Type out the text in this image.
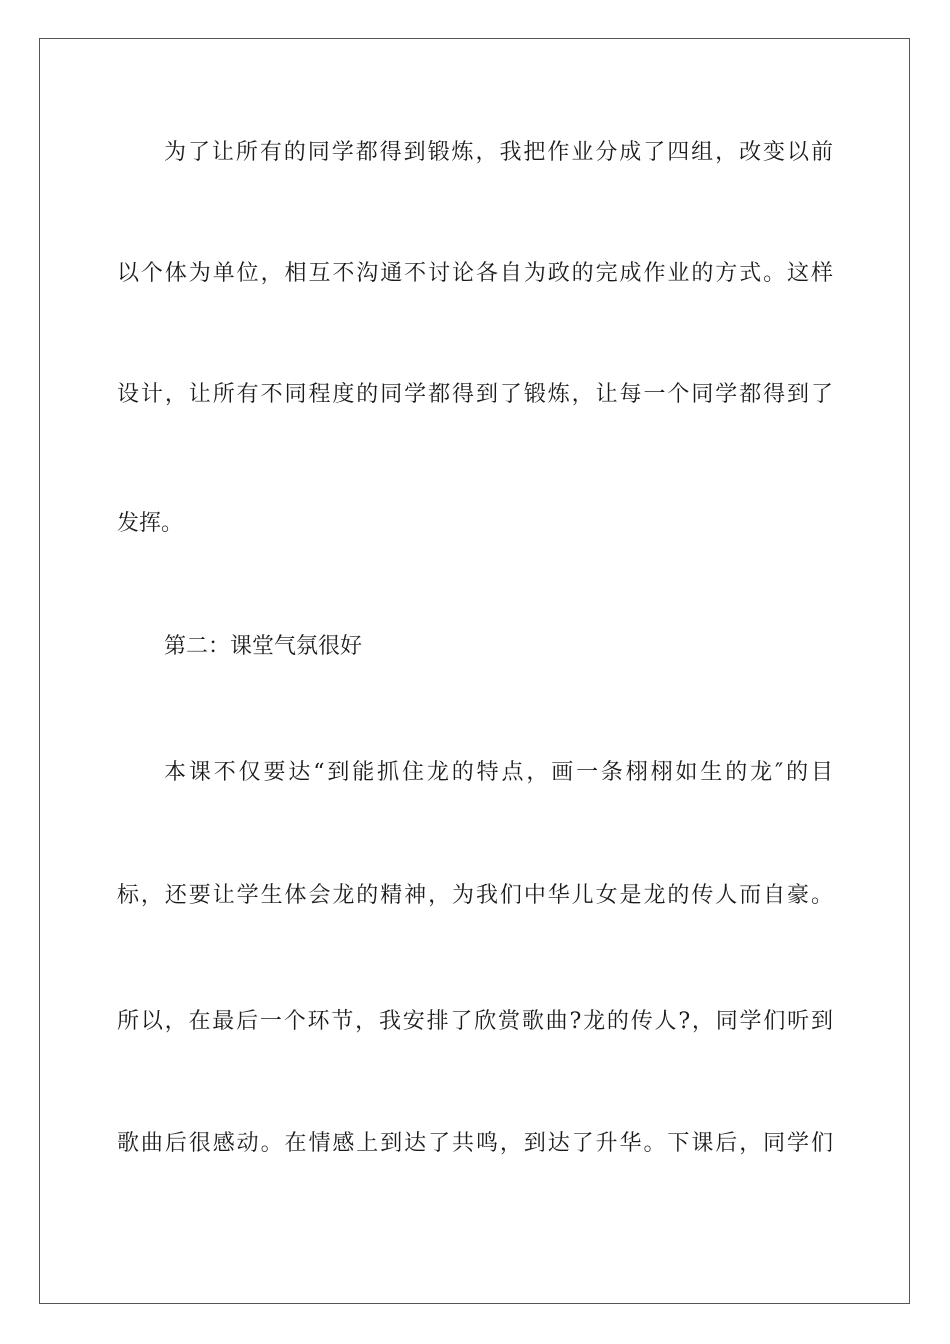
为了让所有的同学都得到锻炼，我把作业分成了四组，改变以前
以个体为单位，相互不沟通不讨论各自为政的完成作业的方式。这样
设计，让所有不同程度的同学都得到了锻炼，让每一个同学都得到了
发挥。
第二：课堂气氛很好
本课不仅要达“到能抓住龙的特点，画一条栩栩如生的龙″的目
标，还要让学生体会龙的精神，为我们中华儿女是龙的传人而自豪。
所以，在最后一个环节，我安排了欣赏歌曲?龙的传人?，同学们听到
歌曲后很感动。在情感上到达了共鸣，到达了升华。下课后，同学们
